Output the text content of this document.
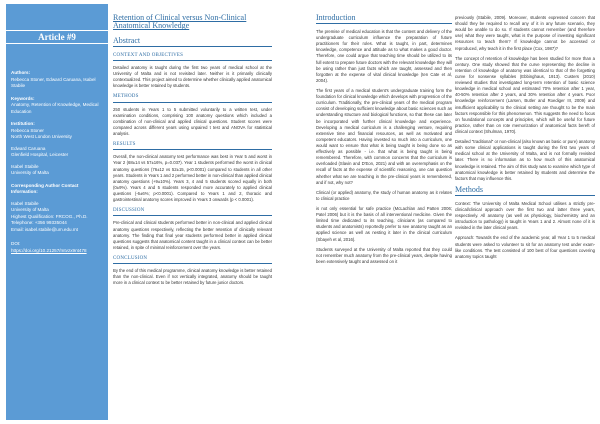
Article #9
Authors:
Rebecca Stoner, Edward Caruana, Isabel Stabile
Keywords:
Anatomy, Retention of Knowledge, Medical Education
Institution:
Rebecca Stoner
North West London University
Edward Caruana
Glenfield Hospital, Leicester
Isabel Stabile
University of Malta
Corresponding Author Contact Information:
Isabel Stabile
University of Malta
Highest Qualification: FRCOG., Ph.D.
Telephone: +356 99335044
Email: isabel.stabile@um.edu.mt
DOI:
https://doi.org/10.21257/mtvzx9nt478
Retention of Clinical versus Non-Clinical Anatomical Knowledge
Abstract
CONTEXT AND OBJECTIVES

Detailed anatomy is taught during the first two years of medical school at the University of Malta and is not revisited later. Neither is it primarily clinically contextualized. This project aimed to determine whether clinically applied anatomical knowledge is better retained by students.

METHODS

250 students in Years 1 to 5 submitted voluntarily to a written test, under examination conditions, comprising 100 anatomy questions which included a combination of non-clinical and applied clinical questions. Student scores were compared across different years using unpaired t test and ANOVA for statistical analysis.

RESULTS

Overall, the non-clinical anatomy test performance was best in Year 5 and worst in Year 2 (68±14 vs 57±16%, p=0.037). Year 1 students performed the worst in clinical anatomy questions (76±12 vs 52±15, p<0.0001) compared to students in all other years. Students in Years 1 and 2 performed better in non-clinical than applied clinical anatomy questions (+9±10%). Years 3, 4 and 5 students scored equally in both (0±9%). Years 4 and 5 students responded more accurately to applied clinical questions (-6±6%; p<0.0001). Compared to Years 1 and 2, thoracic and gastrointestinal anatomy scores improved in Years 3 onwards (p < 0.0001).

DISCUSSION

Pre-clinical and clinical students performed better in non-clinical and applied clinical anatomy questions respectively, reflecting the better retention of clinically relevant anatomy. The finding that final year students performed better in applied clinical questions suggests that anatomical content taught in a clinical context can be better retained, in spite of minimal reinforcement over the years.

CONCLUSION

By the end of this medical programme, clinical anatomy knowledge is better retained than the non-clinical. Even if not vertically integrated, anatomy should be taught more in a clinical context to be better retained by future junior doctors.

Introduction

The premise of medical education is that the content and delivery of the undergraduate curriculum influence the preparation of future practitioners for their roles. What is taught, in part, determines knowledge, competence and attitude as to what makes a good doctor. Therefore, one could argue that teaching time should be utilized to its full extent to prepare future doctors with the relevant knowledge they will be using rather than just facts which are taught, assessed and then forgotten at the expense of vital clinical knowledge (ten Cate et al, 2004).

The first years of a medical student's undergraduate training form the foundation for clinical knowledge which develops with progression of the curriculum. Traditionally, the pre-clinical years of the medical program consist of developing sufficient knowledge about basic sciences such as understanding structure and biological functions, so that these can later be incorporated with further clinical knowledge and experience. Developing a medical curriculum is a challenging venture, requiring extensive time and financial resources, as well as motivated and competent educators. Having invested so much into a curriculum, one would want to ensure that what is being taught is being done so as effectively as possible - i.e. that what is being taught is being remembered. Therefore, with common concerns that the curriculum is overloaded (Slavin and D'Eon, 2021) and with an overemphasis on the recall of facts at the expense of scientific reasoning, one can question whether what we are teaching in the pre-clinical years is remembered, and if not, why not?

Clinical (or applied) anatomy, the study of human anatomy as it relates to clinical practice

is not only essential for safe practice (McLachlan and Patten 2006; Patel 2006) but it is the basis of all interventional medicine. Given the limited time dedicated to its teaching, clinicians (as compared to students and anatomists) reportedly prefer to see anatomy taught as an applied science as well as nesting it later in the clinical curriculum (Sbayeh et al, 2016).

Students surveyed at the University of Malta reported that they could not remember much anatomy from the pre-clinical years, despite having been extensively taught and assessed on it

previously (Stabile, 2009). Moreover, students expressed concern that should they be required to recall any of it in any future scenario, they would be unable to do so. If students cannot remember (and therefore use) what they were taught, what is the purpose of investing significant resources to teach them? If knowledge cannot be accessed or reproduced, why teach it in the first place (Cox, 1987)?

The concept of retention of knowledge has been studied for more than a century. One study showed that the curve representing the decline in retention of knowledge of anatomy was identical to that of the forgetting curve for nonsense syllables (Ebbinghaus, 1913). Custers (2010) reviewed studies that investigated long-term retention of basic science knowledge in medical school and estimated 70% retention after 1 year, 40-50% retention after 2 years, and 30% retention after 4 years. Poor knowledge reinforcement (Larsen, Butler and Roediger III, 2009) and insufficient applicability to the clinical setting are thought to be the main factors responsible for this phenomenon. This suggests the need to focus on foundational concepts and principles, which will be useful for future practice, rather than on rote memorization of anatomical facts bereft of clinical context (Shulman, 1970).

Detailed "traditional" or non-clinical (also known as basic or pure) anatomy with some clinical applications is taught during the first two years of medical school at the University of Malta, and is not formally revisited later. There is no information as to how much of this anatomical knowledge is retained. The aim of this study was to examine which type of anatomical knowledge is better retained by students and determine the factors that may influence this.

Methods

Context: The University of Malta Medical School utilises a strictly pre-clinical/clinical approach over the first two and latter three years, respectively. All anatomy (as well as physiology, biochemistry and an introduction to pathology) is taught in Years 1 and 2. Almost none of it is revisited in the later clinical years.

Approach: Towards the end of the academic year, all Year 1 to 5 medical students were asked to volunteer to sit for an anatomy test under exam-like conditions. The test consisted of 100 best of four questions covering anatomy topics taught
